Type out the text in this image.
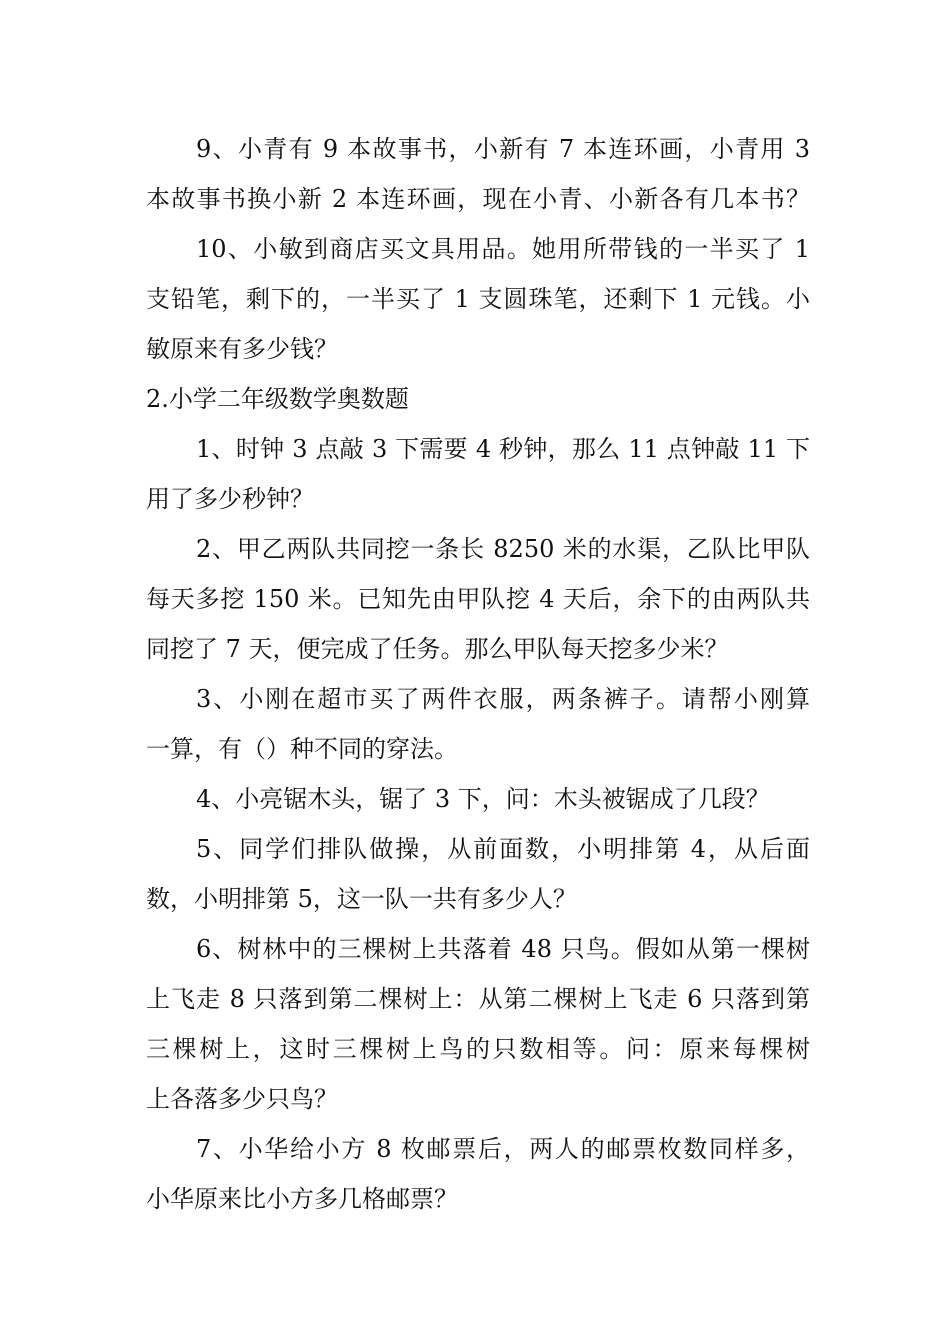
9、小青有 9 本故事书，小新有 7 本连环画，小青用 3
本故事书换小新 2 本连环画，现在小青、小新各有几本书？
10、小敏到商店买文具用品。她用所带钱的一半买了 1
支铅笔，剩下的，一半买了 1 支圆珠笔，还剩下 1 元钱。小
敏原来有多少钱？
2.小学二年级数学奥数题
1、时钟 3 点敲 3 下需要 4 秒钟，那么 11 点钟敲 11 下
用了多少秒钟？
2、甲乙两队共同挖一条长 8250 米的水渠，乙队比甲队
每天多挖 150 米。已知先由甲队挖 4 天后，余下的由两队共
同挖了 7 天，便完成了任务。那么甲队每天挖多少米？
3、小刚在超市买了两件衣服，两条裤子。请帮小刚算
一算，有（）种不同的穿法。
4、小亮锯木头，锯了 3 下，问：木头被锯成了几段？
5、同学们排队做操，从前面数，小明排第 4，从后面
数，小明排第 5，这一队一共有多少人？
6、树林中的三棵树上共落着 48 只鸟。假如从第一棵树
上飞走 8 只落到第二棵树上：从第二棵树上飞走 6 只落到第
三棵树上，这时三棵树上鸟的只数相等。问：原来每棵树
上各落多少只鸟？
7、小华给小方 8 枚邮票后，两人的邮票枚数同样多，
小华原来比小方多几格邮票？
